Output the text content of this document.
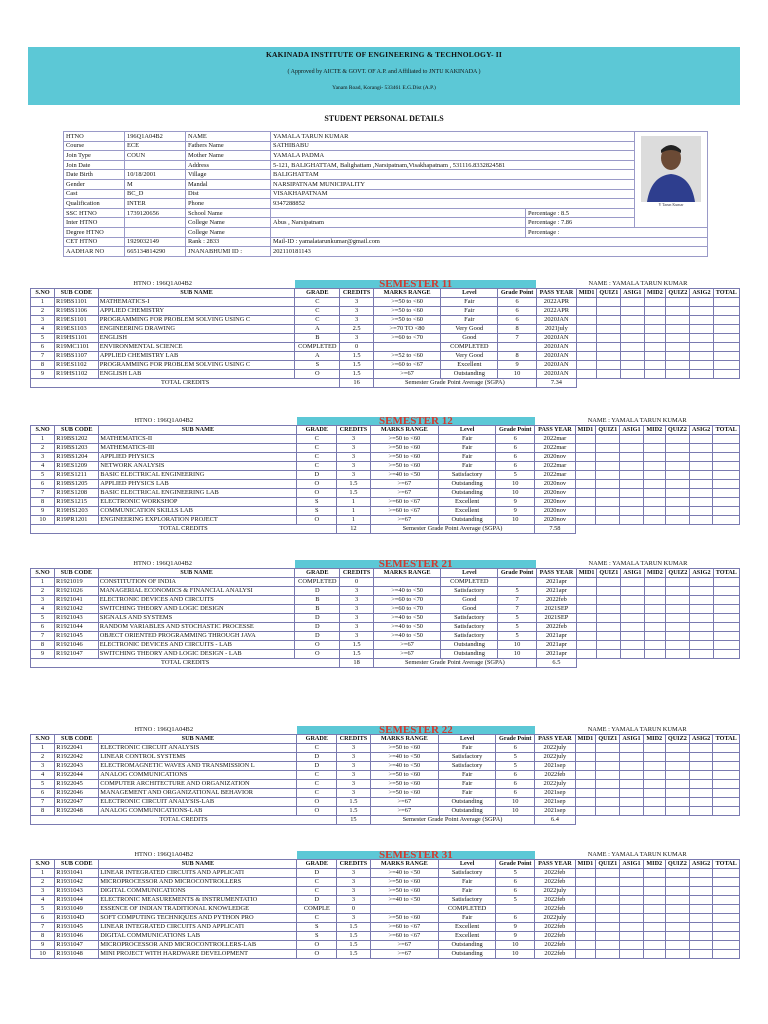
KAKINADA INSTITUTE OF ENGINEERING & TECHNOLOGY- II
( Approved by AICTE & GOVT. OF A.P. and Affiliated to JNTU KAKINADA )
Yanam Road, Korangi- 533461 E.G.Dist (A.P.)
STUDENT PERSONAL DETAILS
HTNO	196Q1A04B2	NAME	YAMALA TARUN KUMAR		Y Tarun Kumar

Course	ECE	Fathers Name	SATHIBABU		
Join Type	COUN	Mother Name	YAMALA PADMA		
Join Date		Address	5-121, BALIGHATTAM, Balighattam ,Narsipatnam,Visakhapatnam , 531116.8332824581		
Date Birth	10/18/2001	Village	BALIGHATTAM		
Gender	M	Mandal	NARSIPATNAM MUNICIPALITY		
Cast	BC_D	Dist	VISAKHAPATNAM		
Qualification	INTER	Phone	9347288852		
SSC HTNO	1739120656	School Name		Percentage : 8.5	
Inter HTNO		College Name	Abus , Narsipatnam	Percentage : 7.86	
Degree HTNO		College Name		Percentage :	
CET HTNO	1929032149	Rank : 2833	Mail-ID : yamalatarunkumar@gmail.com		
AADHAR NO	665134814290	JNANABHUMI ID :	202110181143		
HTNO : 196Q1A04B2			SEMESTER 11					NAME : YAMALA TARUN KUMAR							
S.NO	SUB CODE	SUB NAME	GRADE	CREDITS	MARKS RANGE	Level	Grade Point	PASS YEAR	MID1	QUIZ1	ASIG1	MID2	QUIZ2	ASIG2	TOTAL
1	R19BS1101	MATHEMATICS-I	C	3	>=50 to <60	Fair	6	2022APR							
2	R19BS1106	APPLIED CHEMISTRY	C	3	>=50 to <60	Fair	6	2022APR							
3	R19ES1101	PROGRAMMING FOR PROBLEM SOLVING USING C	C	3	>=50 to <60	Fair	6	2020JAN							
4	R19ES1103	ENGINEERING DRAWING	A	2.5	>=70 TO <80	Very Good	8	2021july							
5	R19HS1101	ENGLISH	B	3	>=60 to <70	Good	7	2020JAN							
6	R19MC1101	ENVIRONMENTAL SCIENCE	COMPLETED	0		COMPLETED		2020JAN							
7	R19BS1107	APPLIED CHEMISTRY LAB	A	1.5	>=52 to <60	Very Good	8	2020JAN							
8	R19ES1102	PROGRAMMING FOR PROBLEM SOLVING USING C	S	1.5	>=60 to <67	Excellent	9	2020JAN							
9	R19HS1102	ENGLISH LAB	O	1.5	>=67	Outstanding	10	2020JAN							
TOTAL CREDITS				16	Semester Grade Point Average (SGPA)			7.34							
HTNO : 196Q1A04B2			SEMESTER 12					NAME : YAMALA TARUN KUMAR							
S.NO	SUB CODE	SUB NAME	GRADE	CREDITS	MARKS RANGE	Level	Grade Point	PASS YEAR	MID1	QUIZ1	ASIG1	MID2	QUIZ2	ASIG2	TOTAL
1	R19BS1202	MATHEMATICS-II	C	3	>=50 to <60	Fair	6	2022mar							
2	R19BS1203	MATHEMATICS-III	C	3	>=50 to <60	Fair	6	2022mar							
3	R19BS1204	APPLIED PHYSICS	C	3	>=50 to <60	Fair	6	2020nov							
4	R19ES1209	NETWORK ANALYSIS	C	3	>=50 to <60	Fair	6	2022mar							
5	R19ES1211	BASIC ELECTRICAL ENGINEERING	D	3	>=40 to <50	Satisfactory	5	2022mar							
6	R19BS1205	APPLIED PHYSICS LAB	O	1.5	>=67	Outstanding	10	2020nov							
7	R19ES1208	BASIC ELECTRICAL ENGINEERING LAB	O	1.5	>=67	Outstanding	10	2020nov							
8	R19ES1215	ELECTRONIC WORKSHOP	S	1	>=60 to <67	Excellent	9	2020nov							
9	R19HS1203	COMMUNICATION SKILLS LAB	S	1	>=60 to <67	Excellent	9	2020nov							
10	R19PR1201	ENGINEERING EXPLORATION PROJECT	O	1	>=67	Outstanding	10	2020nov							
TOTAL CREDITS				12	Semester Grade Point Average (SGPA)			7.58							
HTNO : 196Q1A04B2			SEMESTER 21					NAME : YAMALA TARUN KUMAR							
S.NO	SUB CODE	SUB NAME	GRADE	CREDITS	MARKS RANGE	Level	Grade Point	PASS YEAR	MID1	QUIZ1	ASIG1	MID2	QUIZ2	ASIG2	TOTAL
1	R1921019	CONSTITUTION OF INDIA	COMPLETED	0		COMPLETED		2021apr							
2	R1921026	MANAGERIAL ECONOMICS & FINANCIAL ANALYSI	D	3	>=40 to <50	Satisfactory	5	2021apr							
3	R1921041	ELECTRONIC DEVICES AND CIRCUITS	B	3	>=60 to <70	Good	7	2022feb							
4	R1921042	SWITCHING THEORY AND LOGIC DESIGN	B	3	>=60 to <70	Good	7	2021SEP							
5	R1921043	SIGNALS AND SYSTEMS	D	3	>=40 to <50	Satisfactory	5	2021SEP							
6	R1921044	RANDOM VARIABLES AND STOCHASTIC PROCESSE	D	3	>=40 to <50	Satisfactory	5	2022feb							
7	R1921045	OBJECT ORIENTED PROGRAMMING THROUGH JAVA	D	3	>=40 to <50	Satisfactory	5	2021apr							
8	R1921046	ELECTRONIC DEVICES AND CIRCUITS - LAB	O	1.5	>=67	Outstanding	10	2021apr							
9	R1921047	SWITCHING THEORY AND LOGIC DESIGN - LAB	O	1.5	>=67	Outstanding	10	2021apr							
TOTAL CREDITS				18	Semester Grade Point Average (SGPA)			6.5							
HTNO : 196Q1A04B2			SEMESTER 22					NAME : YAMALA TARUN KUMAR							
S.NO	SUB CODE	SUB NAME	GRADE	CREDITS	MARKS RANGE	Level	Grade Point	PASS YEAR	MID1	QUIZ1	ASIG1	MID2	QUIZ2	ASIG2	TOTAL
1	R1922041	ELECTRONIC CIRCUIT ANALYSIS	C	3	>=50 to <60	Fair	6	2022july							
2	R1922042	LINEAR CONTROL SYSTEMS	D	3	>=40 to <50	Satisfactory	5	2022july							
3	R1922043	ELECTROMAGNETIC WAVES AND TRANSMISSION L	D	3	>=40 to <50	Satisfactory	5	2021sep							
4	R1922044	ANALOG COMMUNICATIONS	C	3	>=50 to <60	Fair	6	2022feb							
5	R1922045	COMPUTER ARCHITECTURE AND ORGANIZATION	C	3	>=50 to <60	Fair	6	2022july							
6	R1922046	MANAGEMENT AND ORGANIZATIONAL BEHAVIOR	C	3	>=50 to <60	Fair	6	2021sep							
7	R1922047	ELECTRONIC CIRCUIT ANALYSIS-LAB	O	1.5	>=67	Outstanding	10	2021sep							
8	R1922048	ANALOG COMMUNICATIONS-LAB	O	1.5	>=67	Outstanding	10	2021sep							
TOTAL CREDITS				15	Semester Grade Point Average (SGPA)			6.4							
HTNO : 196Q1A04B2			SEMESTER 31					NAME : YAMALA TARUN KUMAR							
S.NO	SUB CODE	SUB NAME	GRADE	CREDITS	MARKS RANGE	Level	Grade Point	PASS YEAR	MID1	QUIZ1	ASIG1	MID2	QUIZ2	ASIG2	TOTAL
1	R1931041	LINEAR INTEGRATED CIRCUITS AND APPLICATI	D	3	>=40 to <50	Satisfactory	5	2022feb							
2	R1931042	MICROPROCESSOR AND MICROCONTROLLERS	C	3	>=50 to <60	Fair	6	2022feb							
3	R1931043	DIGITAL COMMUNICATIONS	C	3	>=50 to <60	Fair	6	2022july							
4	R1931044	ELECTRONIC MEASUREMENTS & INSTRUMENTATIO	D	3	>=40 to <50	Satisfactory	5	2022feb							
5	R1931049	ESSENCE OF INDIAN TRADITIONAL KNOWLEDGE	COMPLE	0		COMPLETED		2022feb							
6	R193104D	SOFT COMPUTING TECHNIQUES AND PYTHON PRO	C	3	>=50 to <60	Fair	6	2022july							
7	R1931045	LINEAR INTEGRATED CIRCUITS AND APPLICATI	S	1.5	>=60 to <67	Excellent	9	2022feb							
8	R1931046	DIGITAL COMMUNICATIONS LAB	S	1.5	>=60 to <67	Excellent	9	2022feb							
9	R1931047	MICROPROCESSOR AND MICROCONTROLLERS-LAB	O	1.5	>=67	Outstanding	10	2022feb							
10	R1931048	MINI PROJECT WITH HARDWARE DEVELOPMENT	O	1.5	>=67	Outstanding	10	2022feb							
